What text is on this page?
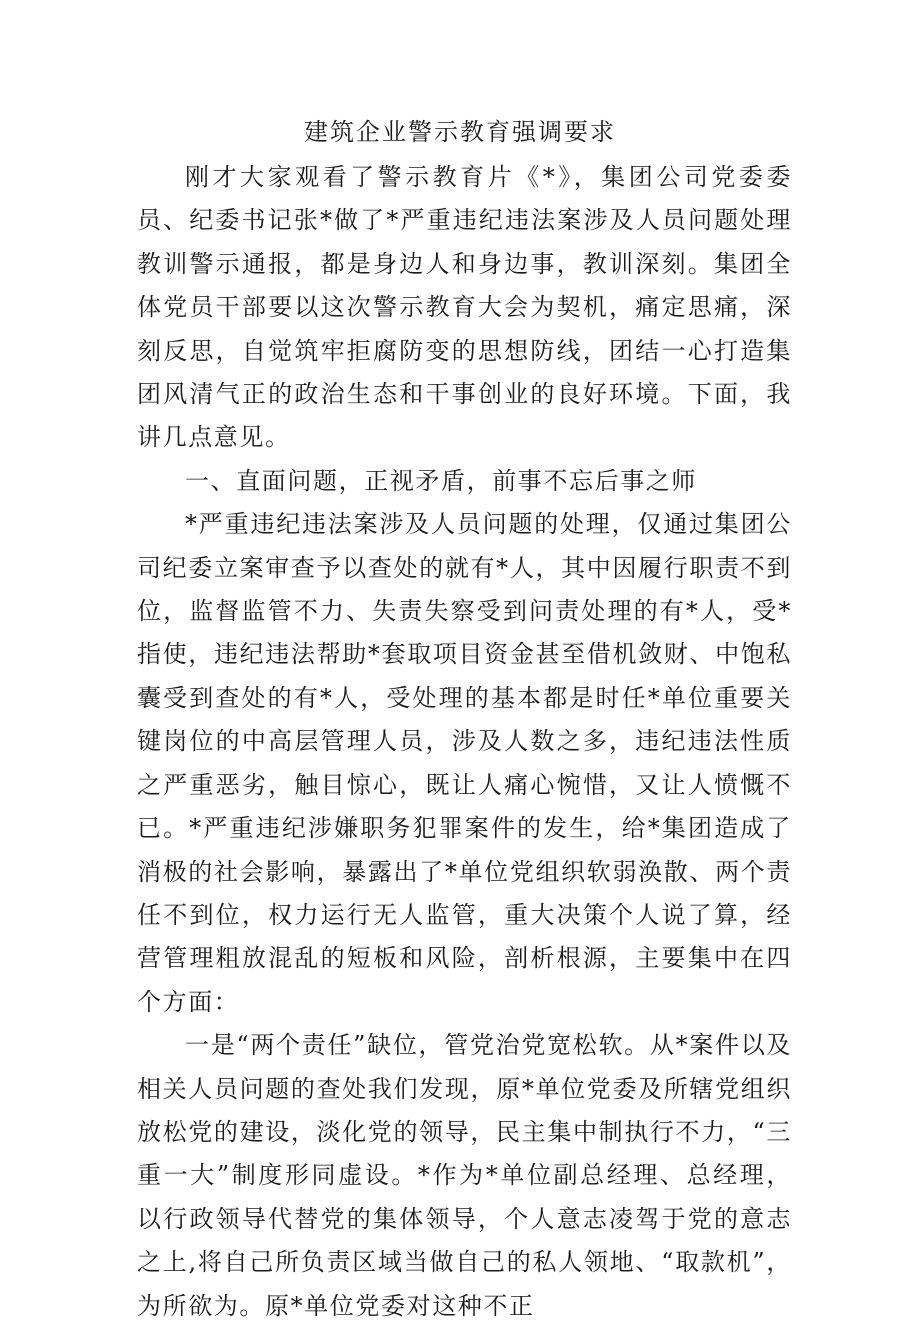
建筑企业警示教育强调要求

刚才大家观看了警示教育片《*》，集团公司党委委员、纪委书记张*做了*严重违纪违法案涉及人员问题处理教训警示通报，都是身边人和身边事，教训深刻。集团全体党员干部要以这次警示教育大会为契机，痛定思痛，深刻反思，自觉筑牢拒腐防变的思想防线，团结一心打造集团风清气正的政治生态和干事创业的良好环境。下面，我讲几点意见。

一、直面问题，正视矛盾，前事不忘后事之师

*严重违纪违法案涉及人员问题的处理，仅通过集团公司纪委立案审查予以查处的就有*人，其中因履行职责不到位，监督监管不力、失责失察受到问责处理的有*人，受*指使，违纪违法帮助*套取项目资金甚至借机敛财、中饱私囊受到查处的有*人，受处理的基本都是时任*单位重要关键岗位的中高层管理人员，涉及人数之多，违纪违法性质之严重恶劣，触目惊心，既让人痛心惋惜，又让人愤慨不已。*严重违纪涉嫌职务犯罪案件的发生，给*集团造成了消极的社会影响，暴露出了*单位党组织软弱涣散、两个责任不到位，权力运行无人监管，重大决策个人说了算，经营管理粗放混乱的短板和风险，剖析根源，主要集中在四个方面：

一是“两个责任”缺位，管党治党宽松软。从*案件以及相关人员问题的查处我们发现，原*单位党委及所辖党组织放松党的建设，淡化党的领导，民主集中制执行不力，“三重一大”制度形同虚设。*作为*单位副总经理、总经理，以行政领导代替党的集体领导，个人意志凌驾于党的意志之上,将自己所负责区域当做自己的私人领地、“取款机”，为所欲为。原*单位党委对这种不正
